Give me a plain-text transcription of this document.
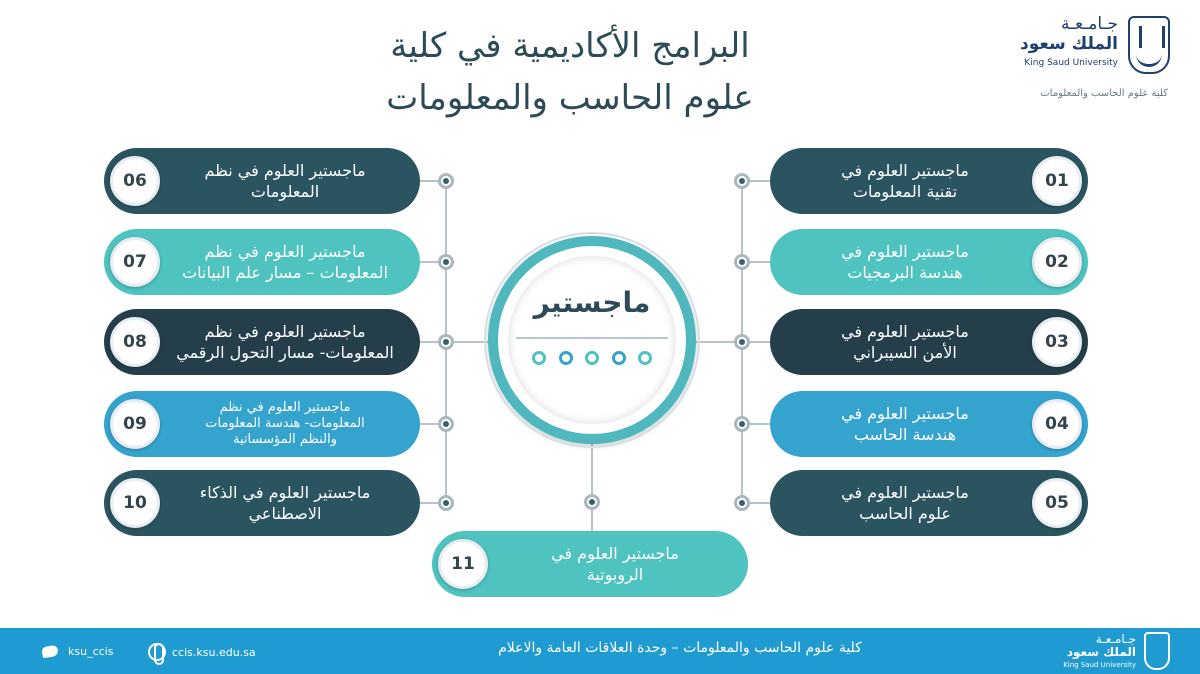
البرامج الأكاديمية في كلية
علوم الحاسب والمعلومات
جـامـعـة
الملك سعود
King Saud University
كلية علوم الحاسب والمعلومات
ماجستير
ماجستير العلوم في
تقنية المعلومات
01
ماجستير العلوم في
هندسة البرمجيات
02
ماجستير العلوم في
الأمن السيبراني
03
ماجستير العلوم في
هندسة الحاسب
04
ماجستير العلوم في
علوم الحاسب
05
ماجستير العلوم في نظم
المعلومات
06
ماجستير العلوم في نظم
المعلومات – مسار علم البيانات
07
ماجستير العلوم في نظم
المعلومات- مسار التحول الرقمي
08
ماجستير العلوم في نظم
المعلومات- هندسة المعلومات
والنظم المؤسساتية
09
ماجستير العلوم في الذكاء
الاصطناعي
10
ماجستير العلوم في
الروبوتية
11
ksu_ccis	ccis.ksu.edu.sa	كلية علوم الحاسب والمعلومات – وحدة العلاقات العامة والاعلام
جـامـعـة
الملك سعود
King Saud University
